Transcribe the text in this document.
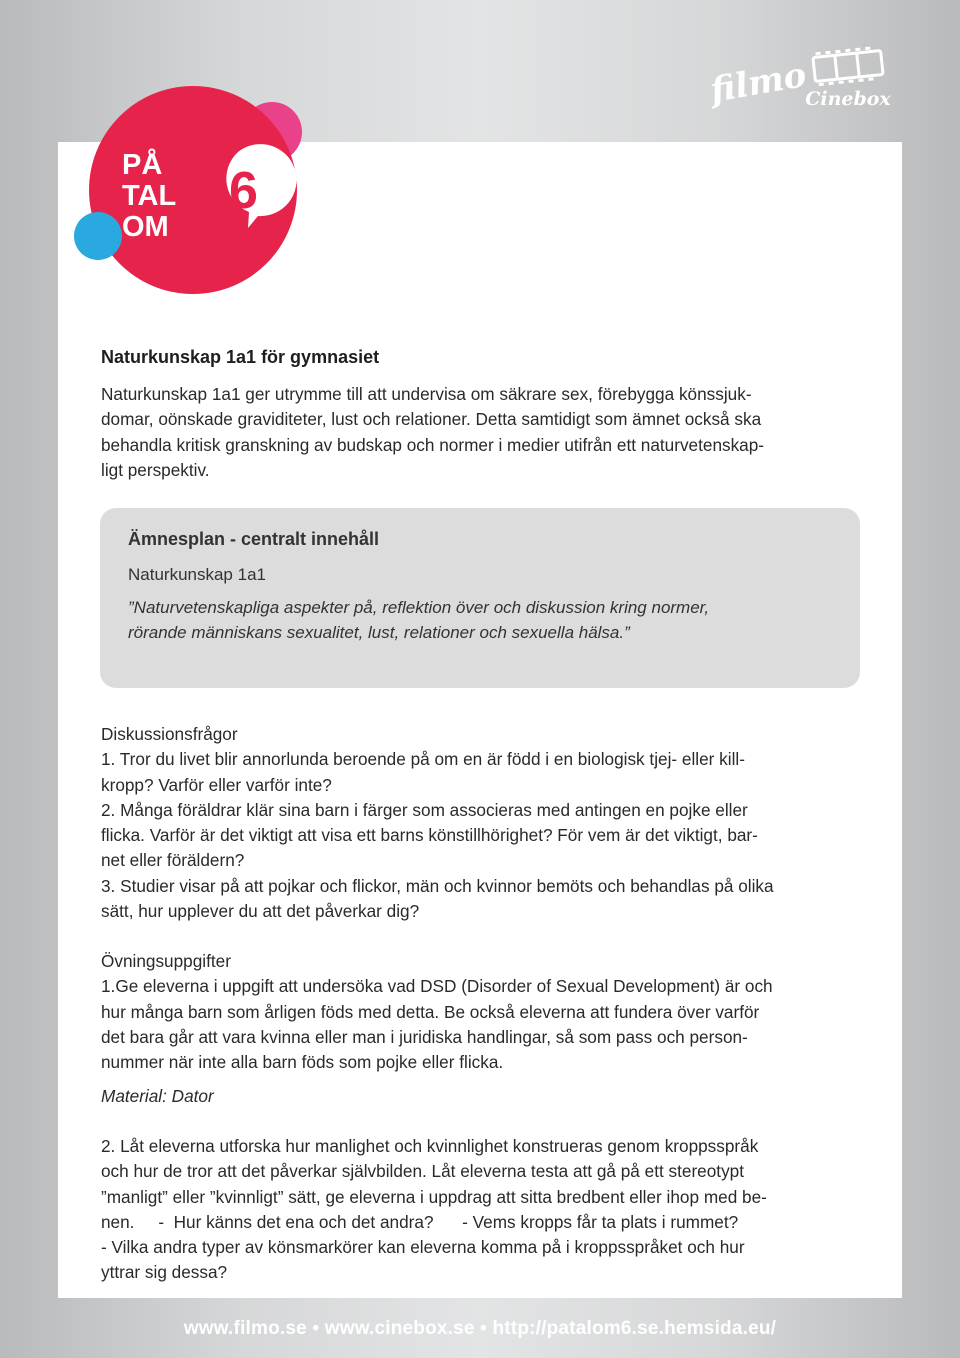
PÅ
TAL
OM
6
filmo
Cinebox
Naturkunskap 1a1 för gymnasiet
Naturkunskap 1a1 ger utrymme till att undervisa om säkrare sex, förebygga könssjuk-
domar, oönskade graviditeter, lust och relationer. Detta samtidigt som ämnet också ska
behandla kritisk granskning av budskap och normer i medier utifrån ett naturvetenskap-
ligt perspektiv.
Ämnesplan - centralt innehåll
Naturkunskap 1a1
”Naturvetenskapliga aspekter på, reflektion över och diskussion kring normer,
rörande människans sexualitet, lust, relationer och sexuella hälsa.”
Diskussionsfrågor
1. Tror du livet blir annorlunda beroende på om en är född i en biologisk tjej- eller kill-
kropp? Varför eller varför inte?
2. Många föräldrar klär sina barn i färger som associeras med antingen en pojke eller
flicka. Varför är det viktigt att visa ett barns könstillhörighet? För vem är det viktigt, bar-
net eller föräldern?
3. Studier visar på att pojkar och flickor, män och kvinnor bemöts och behandlas på olika
sätt, hur upplever du att det påverkar dig?
Övningsuppgifter
1.Ge eleverna i uppgift att undersöka vad DSD (Disorder of Sexual Development) är och
hur många barn som årligen föds med detta. Be också eleverna att fundera över varför
det bara går att vara kvinna eller man i juridiska handlingar, så som pass och person-
nummer när inte alla barn föds som pojke eller flicka.
Material: Dator
2. Låt eleverna utforska hur manlighet och kvinnlighet konstrueras genom kroppsspråk
och hur de tror att det påverkar självbilden. Låt eleverna testa att gå på ett stereotypt
”manligt” eller ”kvinnligt” sätt, ge eleverna i uppdrag att sitta bredbent eller ihop med be-
nen.     -  Hur känns det ena och det andra?      - Vems kropps får ta plats i rummet?
- Vilka andra typer av könsmarkörer kan eleverna komma på i kroppsspråket och hur
yttrar sig dessa?
www.filmo.se • www.cinebox.se • http://patalom6.se.hemsida.eu/
